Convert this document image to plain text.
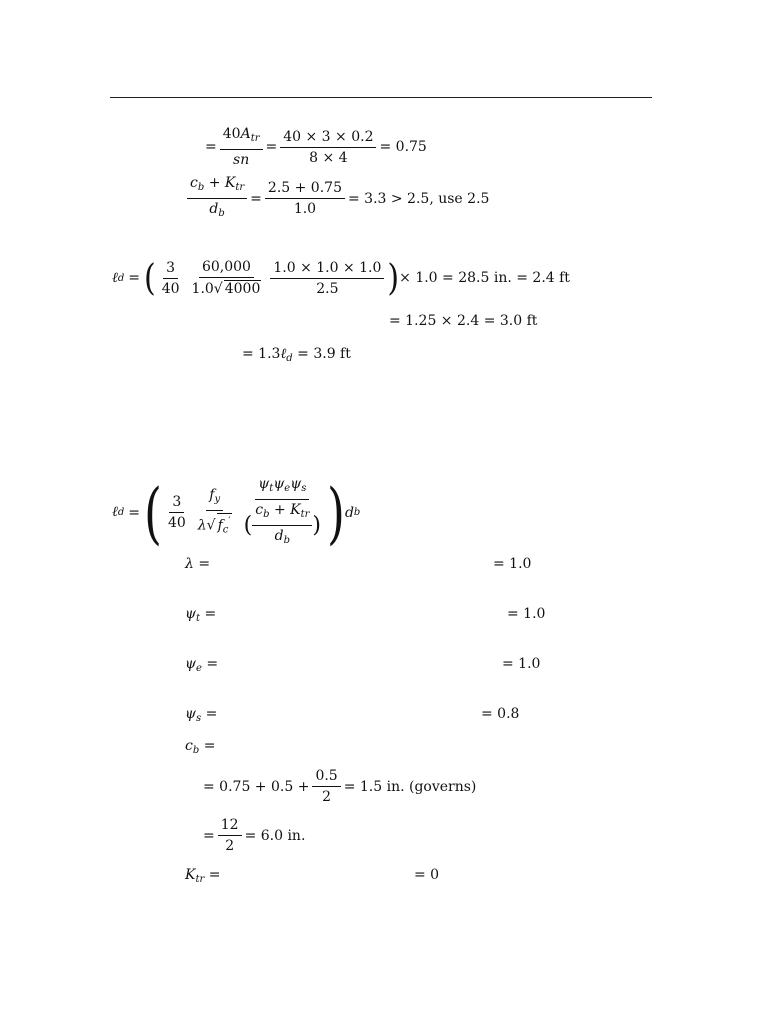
= $\frac{40A_{tr}}{sn} = \frac{40 \times 3 \times 0.2}{8 \times 4} = 0.75$
$\frac{c_b + K_{tr}}{d_b} = \frac{2.5 + 0.75}{1.0} = 3.3 > 2.5$, use 2.5
ℓ d = ( $\frac{3}{40} \frac{60,000}{1.0√ 4000} \frac{1.0 \times 1.0 \times 1.0}{2.5}$ ) × 1.0 = 28.5 in. = 2.4 ft
= 1.25 × 2.4 = 3.0 ft
= 1.3ℓ$_d$ = 3.9 ft
ℓ d = ( $\frac{3}{40} \frac{f_y}{\lambda√ f_c'} \frac{\psi_t\psi_e\psi_s}{( \frac{c_b + K_{tr}}{d_b} )}$ ) d b
λ =	= 1.0
$\psi_t$ =	= 1.0
$\psi_e$ =	= 1.0
$\psi_s$ =	= 0.8
$c_b$ =
= $0.75 + 0.5 + \frac{0.5}{2} = 1.5$ in. (governs)
= $\frac{12}{2} = 6.0$ in.
$K_{tr}$ =	= 0
